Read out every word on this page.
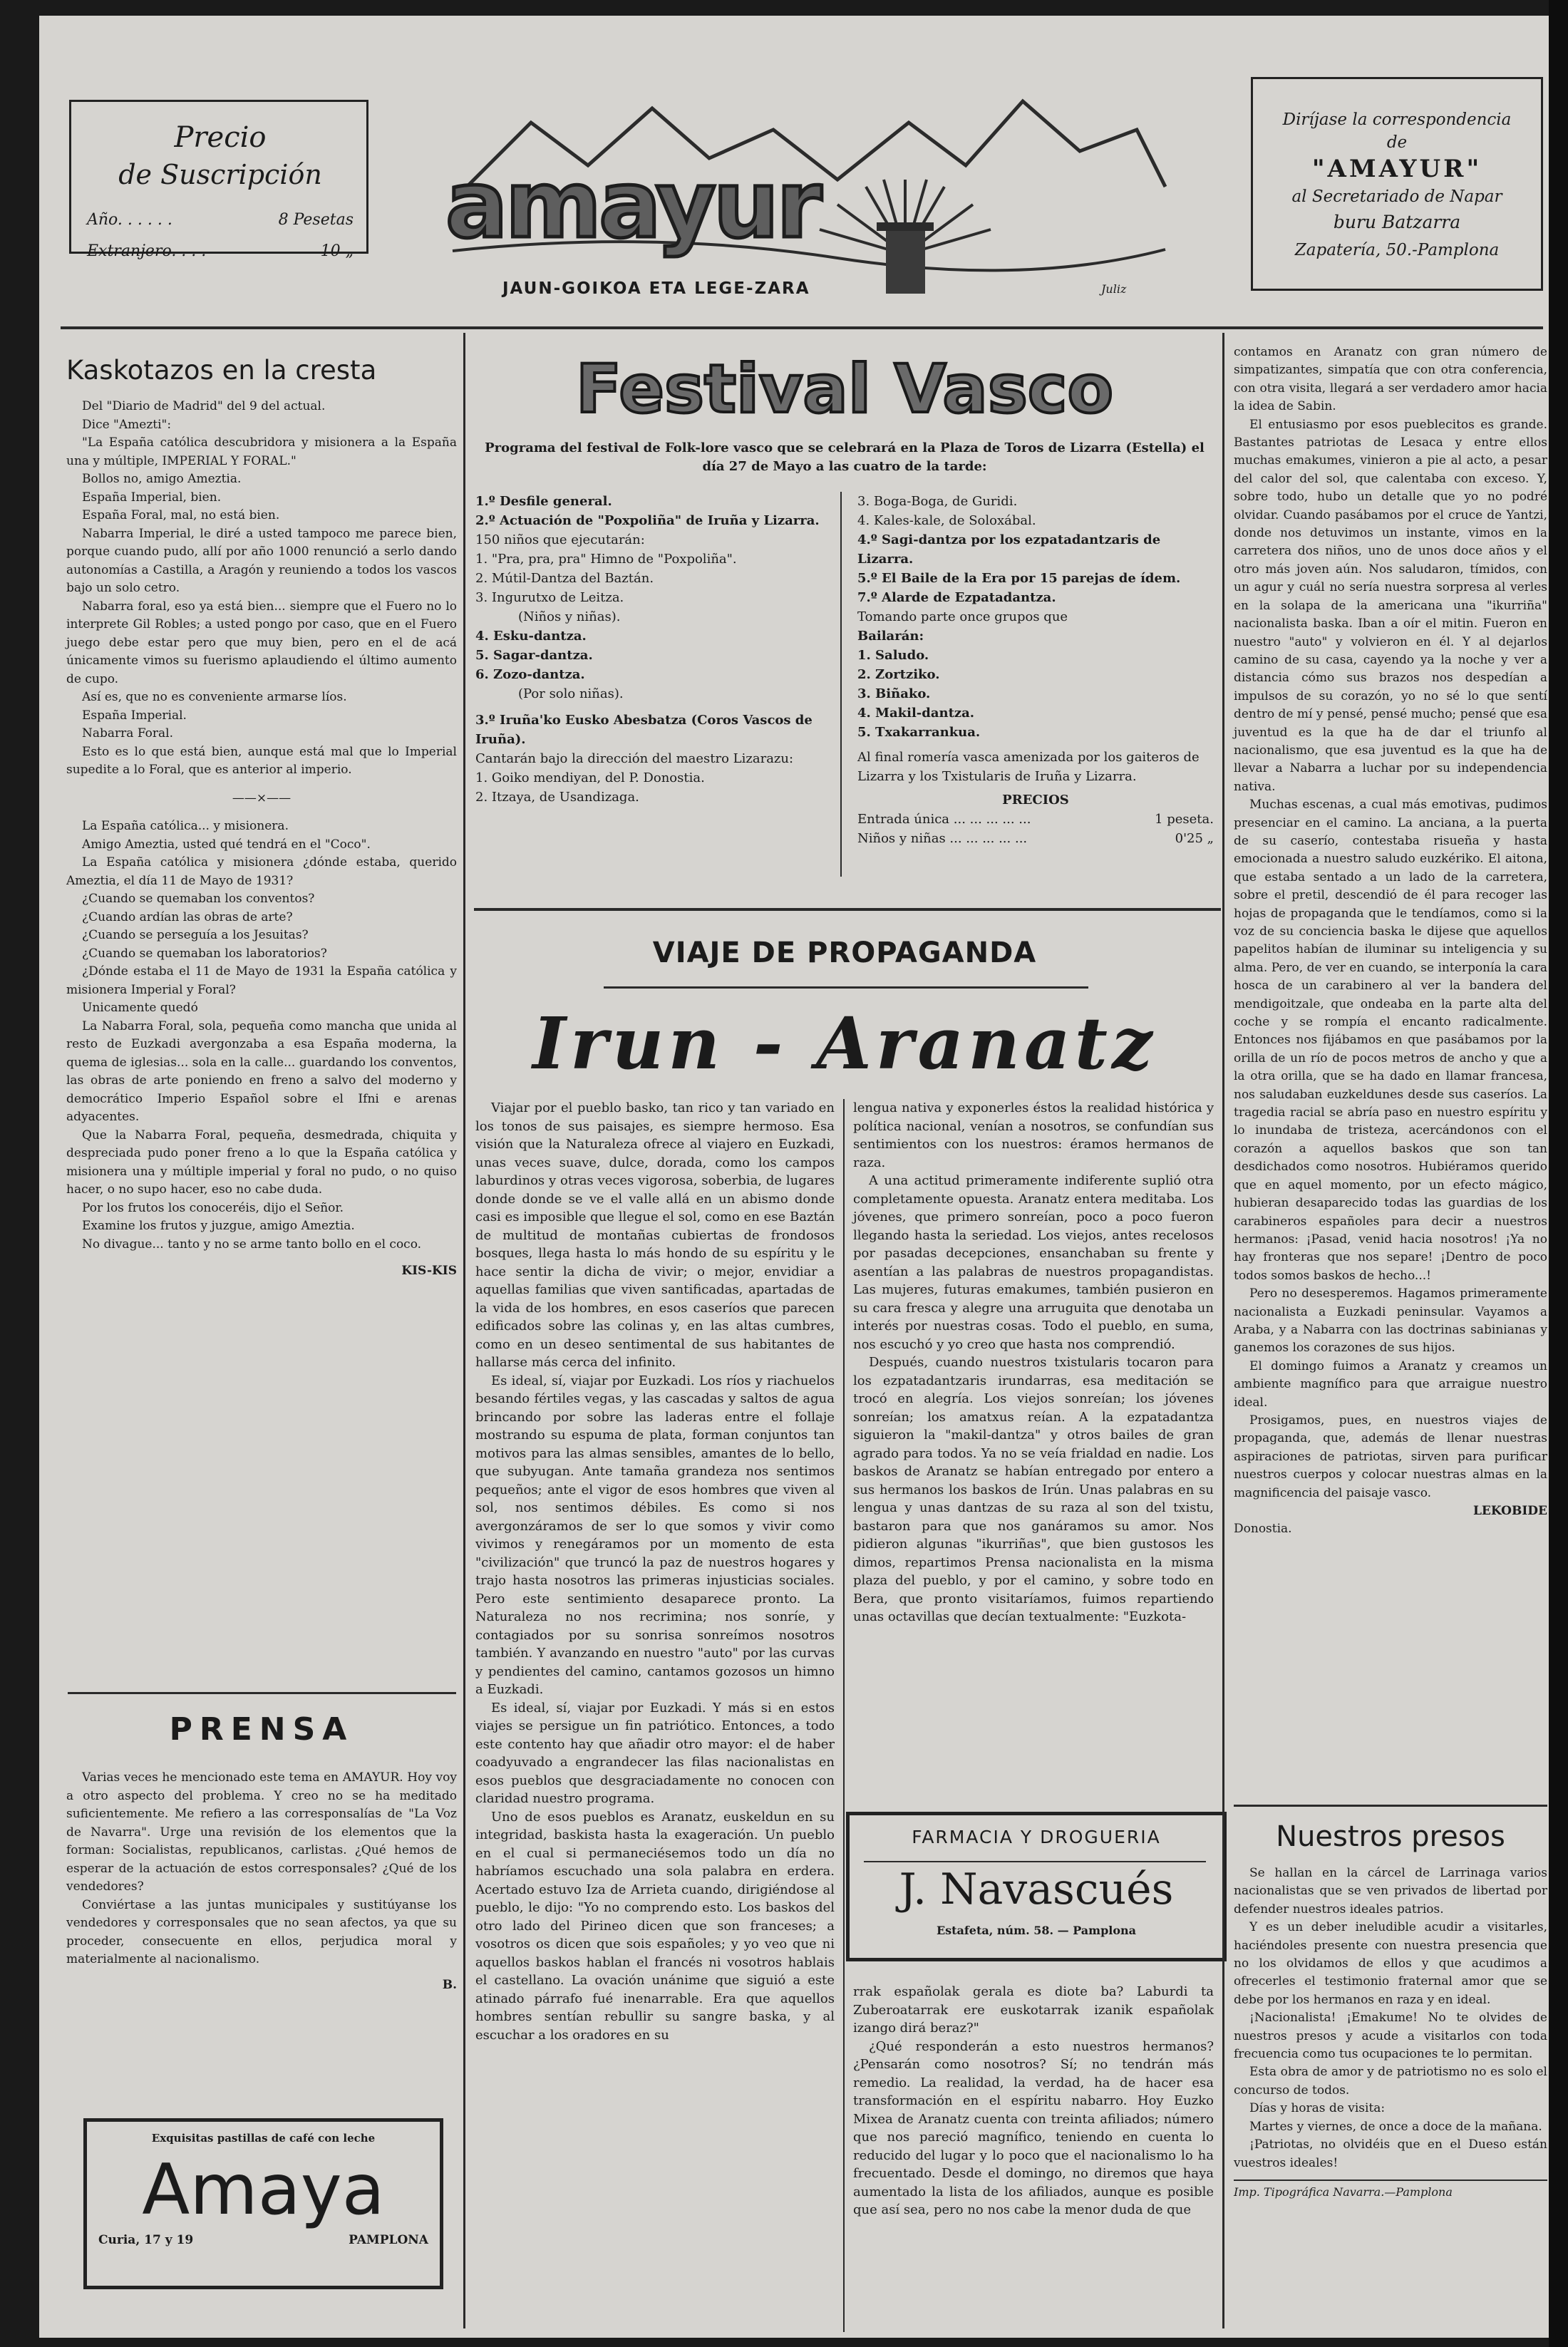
Precio
de Suscripción
Año. . . . . .	8 Pesetas
Extranjero. . . .	10 „ amayur
JAUN-GOIKOA ETA LEGE-ZARA	Juliz
Diríjase la correspondencia
de
"AMAYUR"
al Secretariado de Napar
buru Batzarra
Zapatería, 50.-Pamplona
Kaskotazos en la cresta

Del "Diario de Madrid" del 9 del actual.

Dice "Amezti":

"La España católica descubridora y misionera a la España una y múltiple, IMPERIAL Y FORAL."

Bollos no, amigo Ameztia.

España Imperial, bien.

España Foral, mal, no está bien.

Nabarra Imperial, le diré a usted tampoco me parece bien, porque cuando pudo, allí por año 1000 renunció a serlo dando autonomías a Castilla, a Aragón y reuniendo a todos los vascos bajo un solo cetro.

Nabarra foral, eso ya está bien... siempre que el Fuero no lo interprete Gil Robles; a usted pongo por caso, que en el Fuero juego debe estar pero que muy bien, pero en el de acá únicamente vimos su fuerismo aplaudiendo el último aumento de cupo.

Así es, que no es conveniente armarse líos.

España Imperial.

Nabarra Foral.

Esto es lo que está bien, aunque está mal que lo Imperial supedite a lo Foral, que es anterior al imperio.

——×——

La España católica... y misionera.

Amigo Ameztia, usted qué tendrá en el "Coco".

La España católica y misionera ¿dónde estaba, querido Ameztia, el día 11 de Mayo de 1931?

¿Cuando se quemaban los conventos?

¿Cuando ardían las obras de arte?

¿Cuando se perseguía a los Jesuitas?

¿Cuando se quemaban los laboratorios?

¿Dónde estaba el 11 de Mayo de 1931 la España católica y misionera Imperial y Foral?

Unicamente quedó

La Nabarra Foral, sola, pequeña como mancha que unida al resto de Euzkadi avergonzaba a esa España moderna, la quema de iglesias... sola en la calle... guardando los conventos, las obras de arte poniendo en freno a salvo del moderno y democrático Imperio Español sobre el Ifni e arenas adyacentes.

Que la Nabarra Foral, pequeña, desmedrada, chiquita y despreciada pudo poner freno a lo que la España católica y misionera una y múltiple imperial y foral no pudo, o no quiso hacer, o no supo hacer, eso no cabe duda.

Por los frutos los conoceréis, dijo el Señor.

Examine los frutos y juzgue, amigo Ameztia.

No divague... tanto y no se arme tanto bollo en el coco.

KIS-KIS
PRENSA

Varias veces he mencionado este tema en AMAYUR. Hoy voy a otro aspecto del problema. Y creo no se ha meditado suficientemente. Me refiero a las corresponsalías de "La Voz de Navarra". Urge una revisión de los elementos que la forman: Socialistas, republicanos, carlistas. ¿Qué hemos de esperar de la actuación de estos corresponsales? ¿Qué de los vendedores?

Conviértase a las juntas municipales y sustitúyanse los vendedores y corresponsales que no sean afectos, ya que su proceder, consecuente en ellos, perjudica moral y materialmente al nacionalismo.

B.
Exquisitas pastillas de café con leche
Amaya
Curia, 17 y 19	PAMPLONA
Festival Vasco
Programa del festival de Folk-lore vasco que se celebrará en la Plaza de Toros de Lizarra (Estella) el día 27 de Mayo a las cuatro de la tarde:

1.º Desfile general.

2.º Actuación de "Poxpoliña" de Iruña y Lizarra.

150 niños que ejecutarán:

1. "Pra, pra, pra" Himno de "Poxpoliña".

2. Mútil-Dantza del Baztán.

3. Ingurutxo de Leitza.

(Niños y niñas).

4. Esku-dantza.

5. Sagar-dantza.

6. Zozo-dantza.

(Por solo niñas).

3.º Iruña'ko Eusko Abesbatza (Coros Vascos de Iruña).

Cantarán bajo la dirección del maestro Lizarazu:

1. Goiko mendiyan, del P. Donostia.

2. Itzaya, de Usandizaga.

3. Boga-Boga, de Guridi.

4. Kales-kale, de Soloxábal.

4.º Sagi-dantza por los ezpatadantzaris de Lizarra.

5.º El Baile de la Era por 15 parejas de ídem.

7.º Alarde de Ezpatadantza.

Tomando parte once grupos que

Bailarán:

1. Saludo.

2. Zortziko.

3. Biñako.

4. Makil-dantza.

5. Txakarrankua.

Al final romería vasca amenizada por los gaiteros de Lizarra y los Txistularis de Iruña y Lizarra.

PRECIOS
Entrada única ... ... ... ... ...	1 peseta.
Niños y niñas ... ... ... ... ...	0'25 „
VIAJE DE PROPAGANDA
Irun - Aranatz

Viajar por el pueblo basko, tan rico y tan variado en los tonos de sus paisajes, es siempre hermoso. Esa visión que la Naturaleza ofrece al viajero en Euzkadi, unas veces suave, dulce, dorada, como los campos laburdinos y otras veces vigorosa, soberbia, de lugares donde donde se ve el valle allá en un abismo donde casi es imposible que llegue el sol, como en ese Baztán de multitud de montañas cubiertas de frondosos bosques, llega hasta lo más hondo de su espíritu y le hace sentir la dicha de vivir; o mejor, envidiar a aquellas familias que viven santificadas, apartadas de la vida de los hombres, en esos caseríos que parecen edificados sobre las colinas y, en las altas cumbres, como en un deseo sentimental de sus habitantes de hallarse más cerca del infinito.

Es ideal, sí, viajar por Euzkadi. Los ríos y riachuelos besando fértiles vegas, y las cascadas y saltos de agua brincando por sobre las laderas entre el follaje mostrando su espuma de plata, forman conjuntos tan motivos para las almas sensibles, amantes de lo bello, que subyugan. Ante tamaña grandeza nos sentimos pequeños; ante el vigor de esos hombres que viven al sol, nos sentimos débiles. Es como si nos avergonzáramos de ser lo que somos y vivir como vivimos y renegáramos por un momento de esta "civilización" que truncó la paz de nuestros hogares y trajo hasta nosotros las primeras injusticias sociales. Pero este sentimiento desaparece pronto. La Naturaleza no nos recrimina; nos sonríe, y contagiados por su sonrisa sonreímos nosotros también. Y avanzando en nuestro "auto" por las curvas y pendientes del camino, cantamos gozosos un himno a Euzkadi.

Es ideal, sí, viajar por Euzkadi. Y más si en estos viajes se persigue un fin patriótico. Entonces, a todo este contento hay que añadir otro mayor: el de haber coadyuvado a engrandecer las filas nacionalistas en esos pueblos que desgraciadamente no conocen con claridad nuestro programa.

Uno de esos pueblos es Aranatz, euskeldun en su integridad, baskista hasta la exageración. Un pueblo en el cual si permaneciésemos todo un día no habríamos escuchado una sola palabra en erdera. Acertado estuvo Iza de Arrieta cuando, dirigiéndose al pueblo, le dijo: "Yo no comprendo esto. Los baskos del otro lado del Pirineo dicen que son franceses; a vosotros os dicen que sois españoles; y yo veo que ni aquellos baskos hablan el francés ni vosotros hablais el castellano. La ovación unánime que siguió a este atinado párrafo fué inenarrable. Era que aquellos hombres sentían rebullir su sangre baska, y al escuchar a los oradores en su

lengua nativa y exponerles éstos la realidad histórica y política nacional, venían a nosotros, se confundían sus sentimientos con los nuestros: éramos hermanos de raza.

A una actitud primeramente indiferente suplió otra completamente opuesta. Aranatz entera meditaba. Los jóvenes, que primero sonreían, poco a poco fueron llegando hasta la seriedad. Los viejos, antes recelosos por pasadas decepciones, ensanchaban su frente y asentían a las palabras de nuestros propagandistas. Las mujeres, futuras emakumes, también pusieron en su cara fresca y alegre una arruguita que denotaba un interés por nuestras cosas. Todo el pueblo, en suma, nos escuchó y yo creo que hasta nos comprendió.

Después, cuando nuestros txistularis tocaron para los ezpatadantzaris irundarras, esa meditación se trocó en alegría. Los viejos sonreían; los jóvenes sonreían; los amatxus reían. A la ezpatadantza siguieron la "makil-dantza" y otros bailes de gran agrado para todos. Ya no se veía frialdad en nadie. Los baskos de Aranatz se habían entregado por entero a sus hermanos los baskos de Irún. Unas palabras en su lengua y unas dantzas de su raza al son del txistu, bastaron para que nos ganáramos su amor. Nos pidieron algunas "ikurriñas", que bien gustosos les dimos, repartimos Prensa nacionalista en la misma plaza del pueblo, y por el camino, y sobre todo en Bera, que pronto visitaríamos, fuimos repartiendo unas octavillas que decían textualmente: "Euzkota-

FARMACIA Y DROGUERIA
J. Navascués
Estafeta, núm. 58. — Pamplona

rrak españolak gerala es diote ba? Laburdi ta Zuberoatarrak ere euskotarrak izanik españolak izango dirá beraz?"

¿Qué responderán a esto nuestros hermanos? ¿Pensarán como nosotros? Sí; no tendrán más remedio. La realidad, la verdad, ha de hacer esa transformación en el espíritu nabarro. Hoy Euzko Mixea de Aranatz cuenta con treinta afiliados; número que nos pareció magnífico, teniendo en cuenta lo reducido del lugar y lo poco que el nacionalismo lo ha frecuentado. Desde el domingo, no diremos que haya aumentado la lista de los afiliados, aunque es posible que así sea, pero no nos cabe la menor duda de que

contamos en Aranatz con gran número de simpatizantes, simpatía que con otra conferencia, con otra visita, llegará a ser verdadero amor hacia la idea de Sabin.

El entusiasmo por esos pueblecitos es grande. Bastantes patriotas de Lesaca y entre ellos muchas emakumes, vinieron a pie al acto, a pesar del calor del sol, que calentaba con exceso. Y, sobre todo, hubo un detalle que yo no podré olvidar. Cuando pasábamos por el cruce de Yantzi, donde nos detuvimos un instante, vimos en la carretera dos niños, uno de unos doce años y el otro más joven aún. Nos saludaron, tímidos, con un agur y cuál no sería nuestra sorpresa al verles en la solapa de la americana una "ikurriña" nacionalista baska. Iban a oír el mitin. Fueron en nuestro "auto" y volvieron en él. Y al dejarlos camino de su casa, cayendo ya la noche y ver a distancia cómo sus brazos nos despedían a impulsos de su corazón, yo no sé lo que sentí dentro de mí y pensé, pensé mucho; pensé que esa juventud es la que ha de dar el triunfo al nacionalismo, que esa juventud es la que ha de llevar a Nabarra a luchar por su independencia nativa.

Muchas escenas, a cual más emotivas, pudimos presenciar en el camino. La anciana, a la puerta de su caserío, contestaba risueña y hasta emocionada a nuestro saludo euzkériko. El aitona, que estaba sentado a un lado de la carretera, sobre el pretil, descendió de él para recoger las hojas de propaganda que le tendíamos, como si la voz de su conciencia baska le dijese que aquellos papelitos habían de iluminar su inteligencia y su alma. Pero, de ver en cuando, se interponía la cara hosca de un carabinero al ver la bandera del mendigoitzale, que ondeaba en la parte alta del coche y se rompía el encanto radicalmente. Entonces nos fijábamos en que pasábamos por la orilla de un río de pocos metros de ancho y que a la otra orilla, que se ha dado en llamar francesa, nos saludaban euzkeldunes desde sus caseríos. La tragedia racial se abría paso en nuestro espíritu y lo inundaba de tristeza, acercándonos con el corazón a aquellos baskos que son tan desdichados como nosotros. Hubiéramos querido que en aquel momento, por un efecto mágico, hubieran desaparecido todas las guardias de los carabineros españoles para decir a nuestros hermanos: ¡Pasad, venid hacia nosotros! ¡Ya no hay fronteras que nos separe! ¡Dentro de poco todos somos baskos de hecho...!

Pero no desesperemos. Hagamos primeramente nacionalista a Euzkadi peninsular. Vayamos a Araba, y a Nabarra con las doctrinas sabinianas y ganemos los corazones de sus hijos.

El domingo fuimos a Aranatz y creamos un ambiente magnífico para que arraigue nuestro ideal.

Prosigamos, pues, en nuestros viajes de propaganda, que, además de llenar nuestras aspiraciones de patriotas, sirven para purificar nuestros cuerpos y colocar nuestras almas en la magnificencia del paisaje vasco.

LEKOBIDE
Donostia.
Nuestros presos

Se hallan en la cárcel de Larrinaga varios nacionalistas que se ven privados de libertad por defender nuestros ideales patrios.

Y es un deber ineludible acudir a visitarles, haciéndoles presente con nuestra presencia que no los olvidamos de ellos y que acudimos a ofrecerles el testimonio fraternal amor que se debe por los hermanos en raza y en ideal.

¡Nacionalista! ¡Emakume! No te olvides de nuestros presos y acude a visitarlos con toda frecuencia como tus ocupaciones te lo permitan.

Esta obra de amor y de patriotismo no es solo el concurso de todos.

Días y horas de visita:

Martes y viernes, de once a doce de la mañana.

¡Patriotas, no olvidéis que en el Dueso están vuestros ideales!

Imp. Tipográfica Navarra.—Pamplona
